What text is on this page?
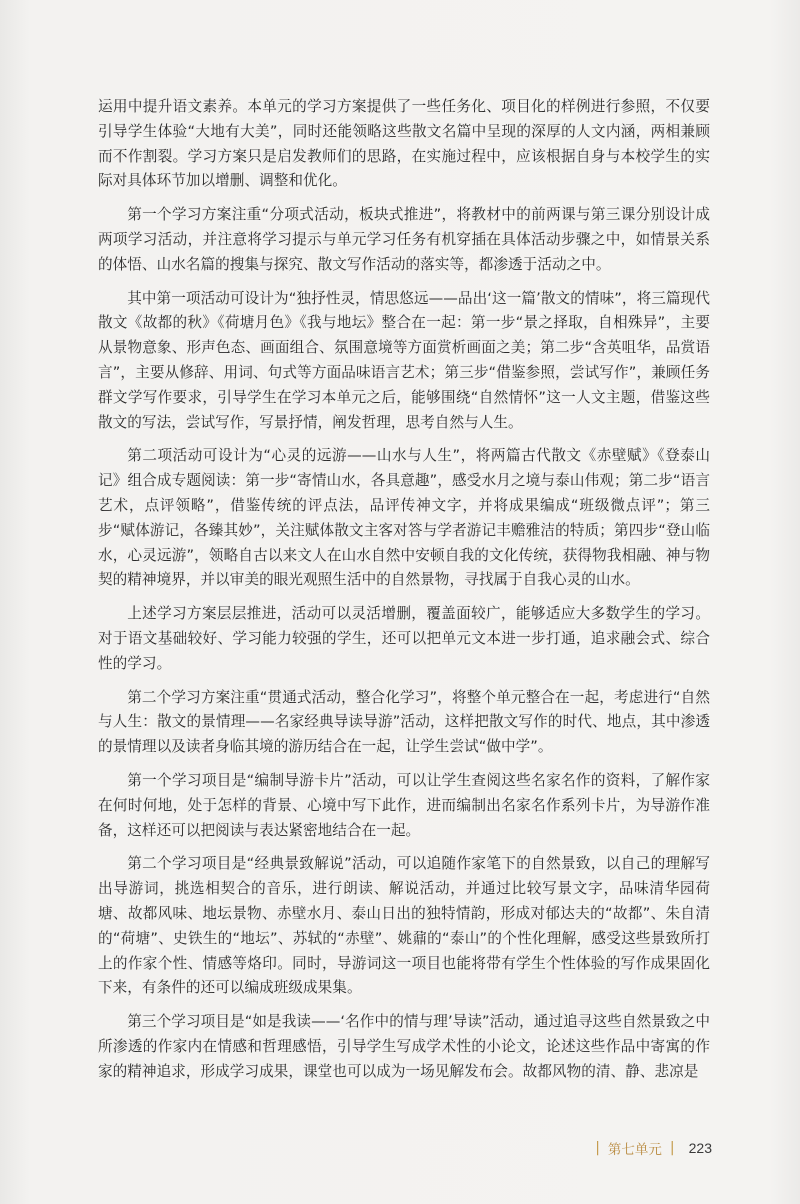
运用中提升语文素养。本单元的学习方案提供了一些任务化、项目化的样例进行参照，不仅要引导学生体验“大地有大美”，同时还能领略这些散文名篇中呈现的深厚的人文内涵，两相兼顾而不作割裂。学习方案只是启发教师们的思路，在实施过程中，应该根据自身与本校学生的实际对具体环节加以增删、调整和优化。

第一个学习方案注重“分项式活动，板块式推进”，将教材中的前两课与第三课分别设计成两项学习活动，并注意将学习提示与单元学习任务有机穿插在具体活动步骤之中，如情景关系的体悟、山水名篇的搜集与探究、散文写作活动的落实等，都渗透于活动之中。

其中第一项活动可设计为“独抒性灵，情思悠远——品出‘这一篇’散文的情味”，将三篇现代散文《故都的秋》《荷塘月色》《我与地坛》整合在一起：第一步“景之择取，自相殊异”，主要从景物意象、形声色态、画面组合、氛围意境等方面赏析画面之美；第二步“含英咀华，品赏语言”，主要从修辞、用词、句式等方面品味语言艺术；第三步“借鉴参照，尝试写作”，兼顾任务群文学写作要求，引导学生在学习本单元之后，能够围绕“自然情怀”这一人文主题，借鉴这些散文的写法，尝试写作，写景抒情，阐发哲理，思考自然与人生。

第二项活动可设计为“心灵的远游——山水与人生”，将两篇古代散文《赤壁赋》《登泰山记》组合成专题阅读：第一步“寄情山水，各具意趣”，感受水月之境与泰山伟观；第二步“语言艺术，点评领略”，借鉴传统的评点法，品评传神文字，并将成果编成“班级微点评”；第三步“赋体游记，各臻其妙”，关注赋体散文主客对答与学者游记丰赡雅洁的特质；第四步“登山临水，心灵远游”，领略自古以来文人在山水自然中安顿自我的文化传统，获得物我相融、神与物契的精神境界，并以审美的眼光观照生活中的自然景物，寻找属于自我心灵的山水。

上述学习方案层层推进，活动可以灵活增删，覆盖面较广，能够适应大多数学生的学习。对于语文基础较好、学习能力较强的学生，还可以把单元文本进一步打通，追求融会式、综合性的学习。

第二个学习方案注重“贯通式活动，整合化学习”，将整个单元整合在一起，考虑进行“自然与人生：散文的景情理——名家经典导读导游”活动，这样把散文写作的时代、地点，其中渗透的景情理以及读者身临其境的游历结合在一起，让学生尝试“做中学”。

第一个学习项目是“编制导游卡片”活动，可以让学生查阅这些名家名作的资料，了解作家在何时何地，处于怎样的背景、心境中写下此作，进而编制出名家名作系列卡片，为导游作准备，这样还可以把阅读与表达紧密地结合在一起。

第二个学习项目是“经典景致解说”活动，可以追随作家笔下的自然景致，以自己的理解写出导游词，挑选相契合的音乐，进行朗读、解说活动，并通过比较写景文字，品味清华园荷塘、故都风味、地坛景物、赤壁水月、泰山日出的独特情韵，形成对郁达夫的“故都”、朱自清的“荷塘”、史铁生的“地坛”、苏轼的“赤壁”、姚鼐的“泰山”的个性化理解，感受这些景致所打上的作家个性、情感等烙印。同时，导游词这一项目也能将带有学生个性体验的写作成果固化下来，有条件的还可以编成班级成果集。

第三个学习项目是“如是我读——‘名作中的情与理’导读”活动，通过追寻这些自然景致之中所渗透的作家内在情感和哲理感悟，引导学生写成学术性的小论文，论述这些作品中寄寓的作家的精神追求，形成学习成果，课堂也可以成为一场见解发布会。故都风物的清、静、悲凉是

| 第七单元 | 223
